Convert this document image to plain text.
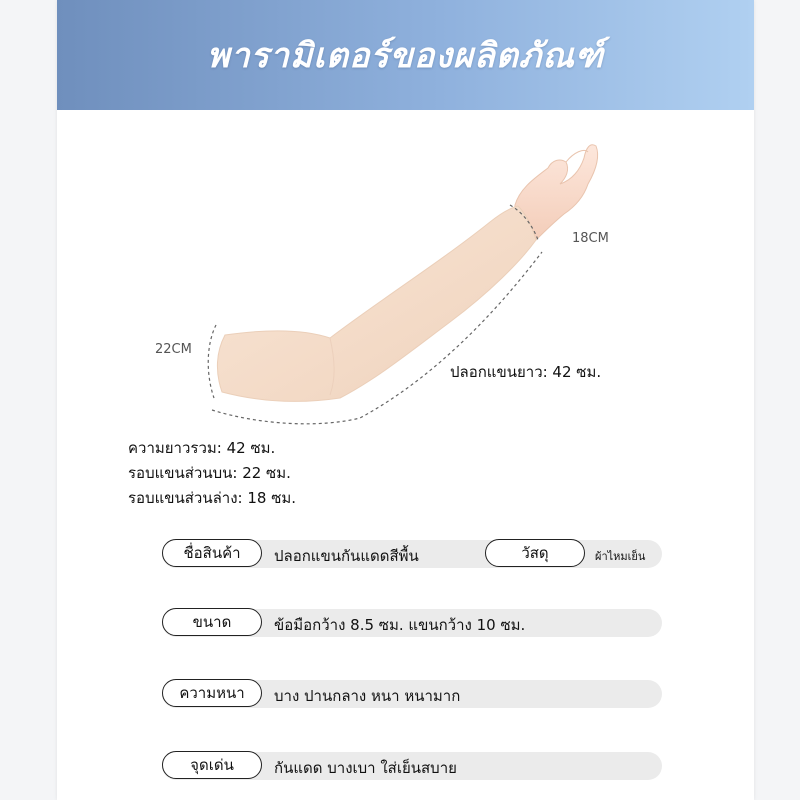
พารามิเตอร์ของผลิตภัณฑ์
18CM
22CM
ปลอกแขนยาว: 42 ซม.
ความยาวรวม: 42 ซม.
รอบแขนส่วนบน: 22 ซม.
รอบแขนส่วนล่าง: 18 ซม.
ชื่อสินค้า	ปลอกแขนกันแดดสีพื้น	วัสดุ	ผ้าไหมเย็น
ขนาด	ข้อมือกว้าง 8.5 ซม. แขนกว้าง 10 ซม.
ความหนา	บาง ปานกลาง หนา หนามาก
จุดเด่น	กันแดด บางเบา ใส่เย็นสบาย
